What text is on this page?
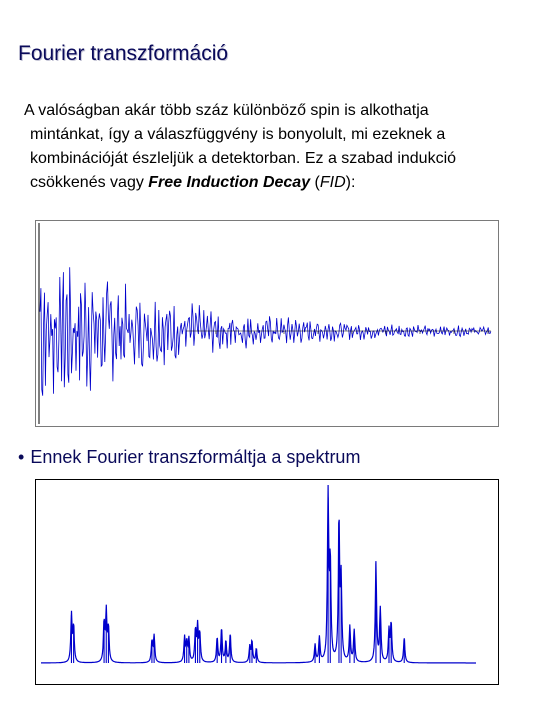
Fourier transzformáció
A valóságban akár több száz különböző spin is alkothatja
mintánkat, így a válaszfüggvény is bonyolult, mi ezeknek a
kombinációját észleljük a detektorban. Ez a szabad indukció
csökkenés vagy Free Induction Decay (FID):
• Ennek Fourier transzformáltja a spektrum
